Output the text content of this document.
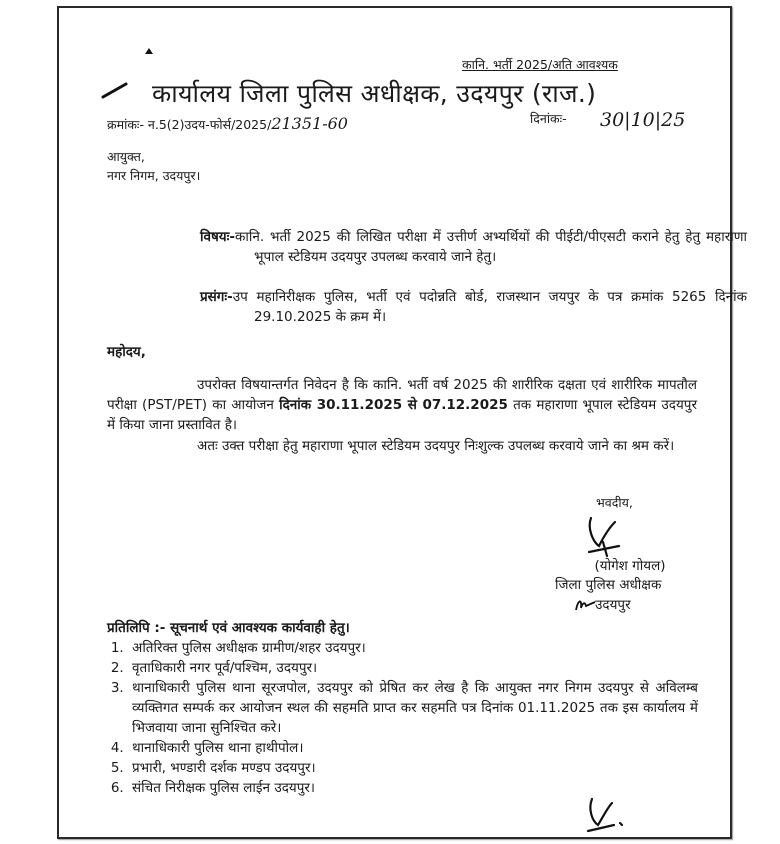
कानि. भर्ती 2025/अति आवश्यक
कार्यालय जिला पुलिस अधीक्षक, उदयपुर (राज.)
क्रमांकः- न.5(2)उदय-फोर्स/2025/21351-60	दिनांकः- 30|10|25
आयुक्त,
नगर निगम, उदयपुर।
विषयः-कानि. भर्ती 2025 की लिखित परीक्षा में उत्तीर्ण अभ्यर्थियों की पीईटी/पीएसटी कराने हेतु हेतु महाराणा भूपाल स्टेडियम उदयपुर उपलब्ध करवाये जाने हेतु।
प्रसंगः-उप महानिरीक्षक पुलिस, भर्ती एवं पदोन्नति बोर्ड, राजस्थान जयपुर के पत्र क्रमांक 5265 दिनांक 29.10.2025 के क्रम में।
महोदय,
उपरोक्त विषयान्तर्गत निवेदन है कि कानि. भर्ती वर्ष 2025 की शारीरिक दक्षता एवं शारीरिक मापतौल परीक्षा (PST/PET) का आयोजन दिनांक 30.11.2025 से 07.12.2025 तक महाराणा भूपाल स्टेडियम उदयपुर में किया जाना प्रस्तावित है।
अतः उक्त परीक्षा हेतु महाराणा भूपाल स्टेडियम उदयपुर निःशुल्क उपलब्ध करवाये जाने का श्रम करें।
भवदीय,
(योगेश गोयल)
जिला पुलिस अधीक्षक
उदयपुर
प्रतिलिपि :- सूचनार्थ एवं आवश्यक कार्यवाही हेतु।
1. अतिरिक्त पुलिस अधीक्षक ग्रामीण/शहर उदयपुर।
2. वृताधिकारी नगर पूर्व/पश्चिम, उदयपुर।
3. थानाधिकारी पुलिस थाना सूरजपोल, उदयपुर को प्रेषित कर लेख है कि आयुक्त नगर निगम उदयपुर से अविलम्ब व्यक्तिगत सम्पर्क कर आयोजन स्थल की सहमति प्राप्त कर सहमति पत्र दिनांक 01.11.2025 तक इस कार्यालय में भिजवाया जाना सुनिश्चित करे।
4. थानाधिकारी पुलिस थाना हाथीपोल।
5. प्रभारी, भण्डारी दर्शक मण्डप उदयपुर।
6. संचित निरीक्षक पुलिस लाईन उदयपुर।
